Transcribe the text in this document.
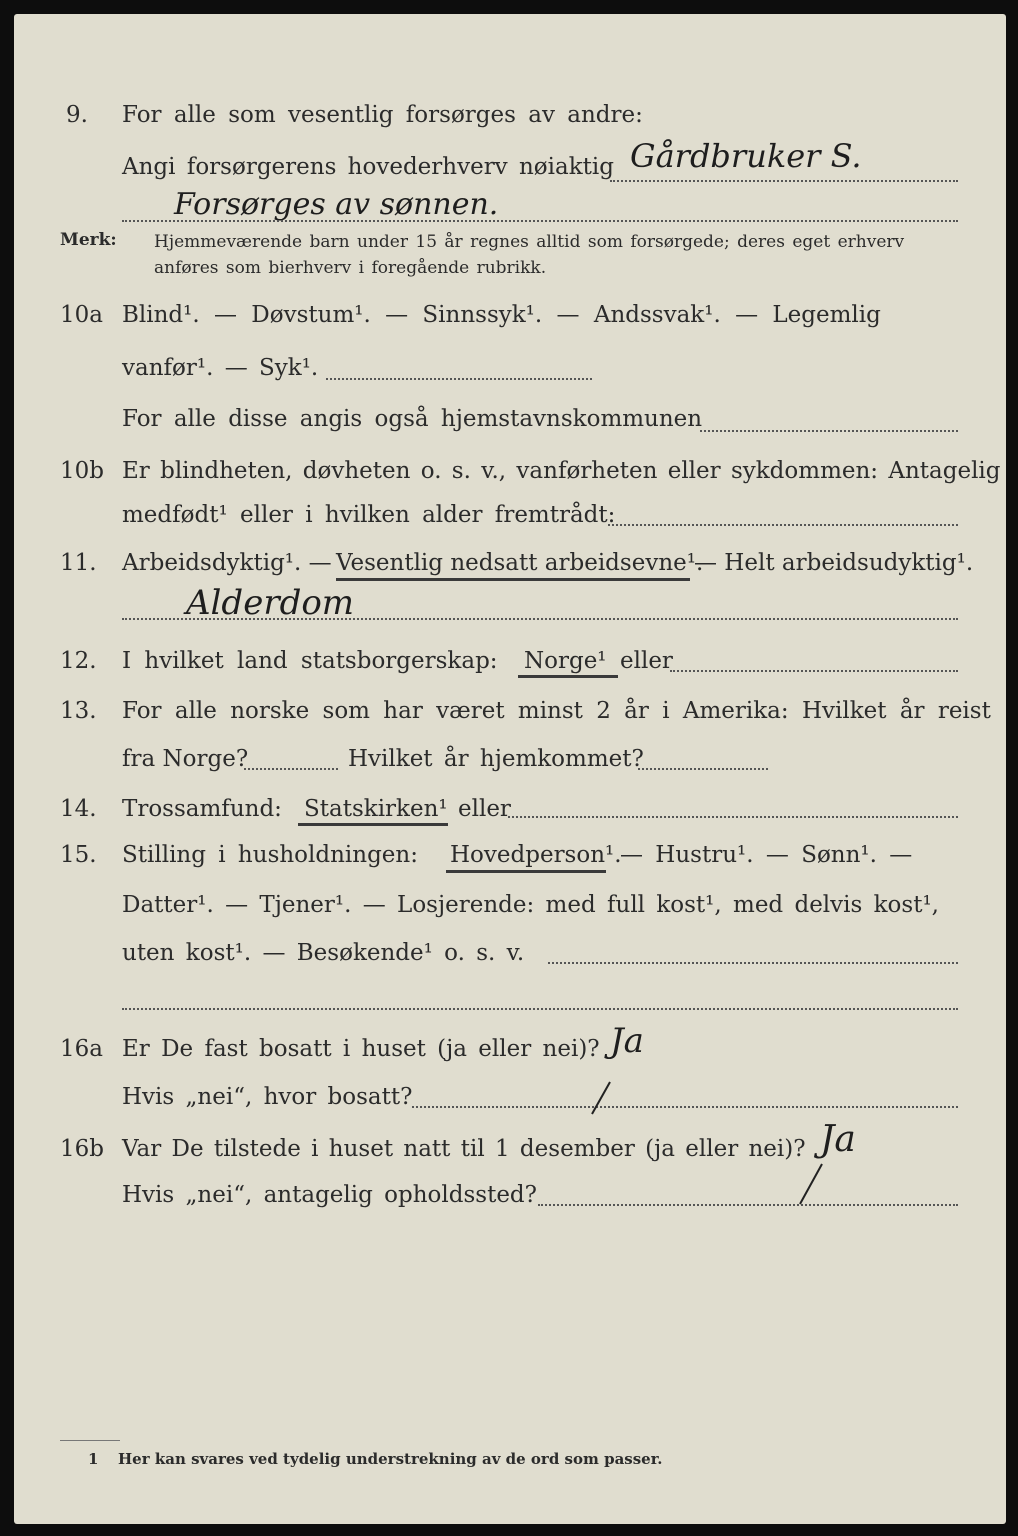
9. For alle som vesentlig forsørges av andre:
Angi forsørgerens hovederhverv nøiaktig Gårdbruker S.
Forsørges av sønnen.
Merk: Hjemmeværende barn under 15 år regnes alltid som forsørgede; deres eget erhverv
anføres som bierhverv i foregående rubrikk.
10a Blind¹. — Døvstum¹. — Sinnssyk¹. — Andssvak¹. — Legemlig
vanfør¹. — Syk¹.
For alle disse angis også hjemstavnskommunen
10b Er blindheten, døvheten o. s. v., vanførheten eller sykdommen: Antagelig
medfødt¹ eller i hvilken alder fremtrådt:
11. Arbeidsdyktig¹. — Vesentlig nedsatt arbeidsevne¹.
— Helt arbeidsudyktig¹.
Alderdom
12. I hvilket land statsborgerskap: Norge¹ eller
13. For alle norske som har været minst 2 år i Amerika: Hvilket år reist
fra Norge?	Hvilket år hjemkommet?
14. Trossamfund: Statskirken¹ eller
15. Stilling i husholdningen: Hovedperson¹.
— Hustru¹. — Sønn¹. —
Datter¹. — Tjener¹. — Losjerende: med full kost¹, med delvis kost¹,
uten kost¹. — Besøkende¹ o. s. v.
16a Er De fast bosatt i huset (ja eller nei)? Ja
Hvis „nei“, hvor bosatt?
16b Var De tilstede i huset natt til 1 desember (ja eller nei)? Ja
Hvis „nei“, antagelig opholdssted?
1 Her kan svares ved tydelig understrekning av de ord som passer.
